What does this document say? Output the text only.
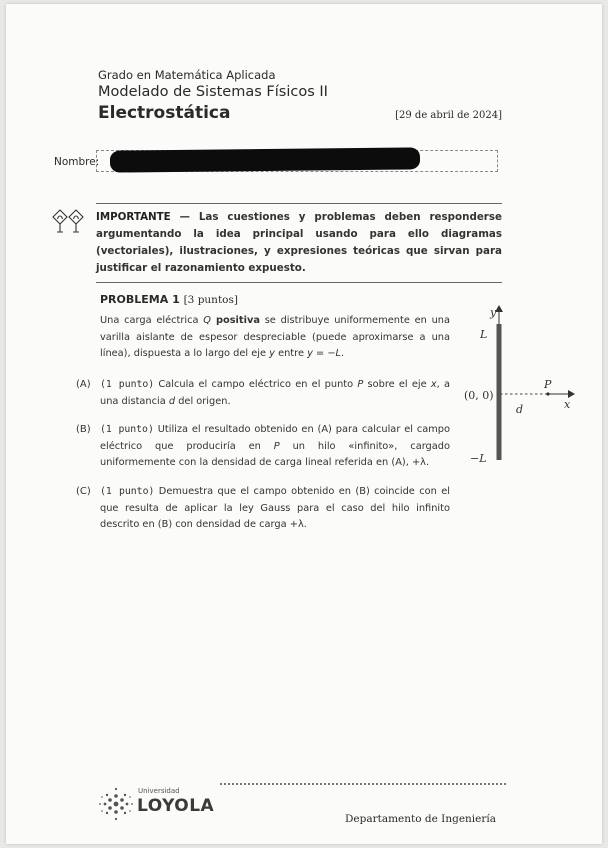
Grado en Matemática Aplicada
Modelado de Sistemas Físicos II
Electrostática	[29 de abril de 2024]
Nombre:
IMPORTANTE — Las cuestiones y problemas deben responderse argumentando la idea principal usando para ello diagramas (vectoriales), ilustraciones, y expresiones teóricas que sirvan para justificar el razonamiento expuesto.
PROBLEMA 1 [3 puntos]
Una carga eléctrica Q positiva se distribuye uniformemente en una varilla aislante de espesor despreciable (puede aproximarse a una línea), dispuesta a lo largo del eje y entre y = −L.
(A) (1 punto) Calcula el campo eléctrico en el punto P sobre el eje x, a una distancia d del origen.
(B) (1 punto) Utiliza el resultado obtenido en (A) para calcular el campo eléctrico que produciría en P un hilo «infinito», cargado uniformemente con la densidad de carga lineal referida en (A), +λ.
(C) (1 punto) Demuestra que el campo obtenido en (B) coincide con el que resulta de aplicar la ley Gauss para el caso del hilo infinito descrito en (B) con densidad de carga +λ.
y
L
−L
(0, 0)
P
d	x
Universidad
LOYOLA
Departamento de Ingeniería
